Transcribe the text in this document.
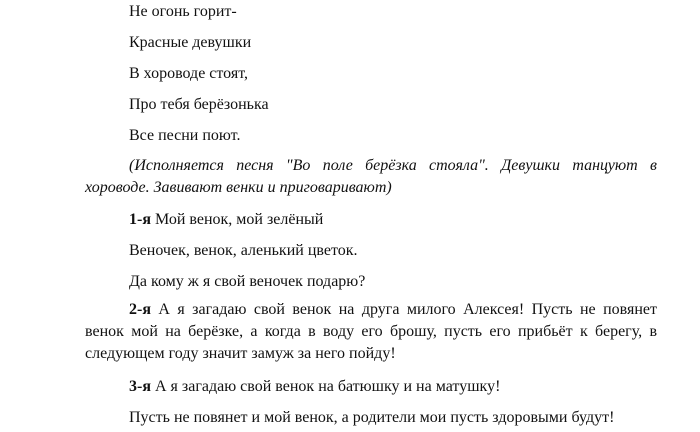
Не огонь горит-
Красные девушки
В хороводе стоят,
Про тебя берёзонька
Все песни поют.
(Исполняется песня "Во поле берёзка стояла". Девушки танцуют в хороводе. Завивают венки и приговаривают)
1-я Мой венок, мой зелёный
Веночек, венок, аленький цветок.
Да кому ж я свой веночек подарю?
2-я А я загадаю свой венок на друга милого Алексея! Пусть не повянет венок мой на берёзке, а когда в воду его брошу, пусть его прибьёт к берегу, в следующем году значит замуж за него пойду!
3-я А я загадаю свой венок на батюшку и на матушку!
Пусть не повянет и мой венок, а родители мои пусть здоровыми будут!
